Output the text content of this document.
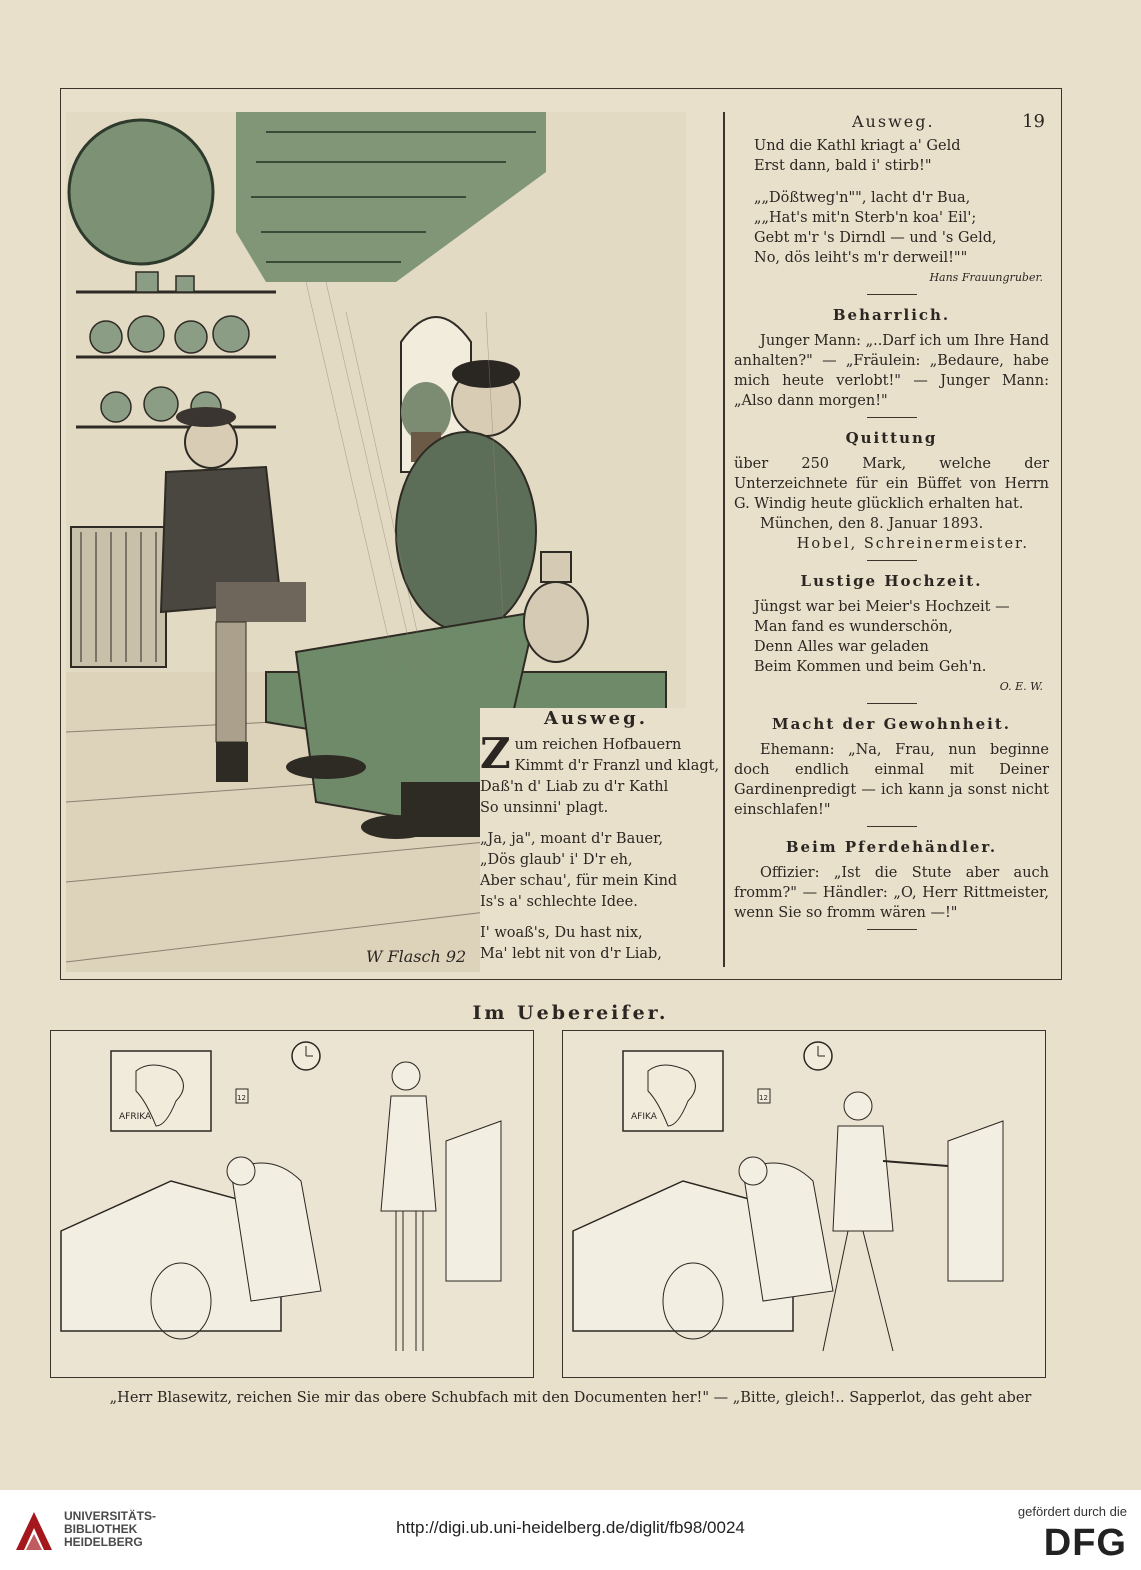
W Flasch 92
Ausweg.
Z um reichen Hofbauern
Kimmt d'r Franzl und klagt,
Daß'n d' Liab zu d'r Kathl
So unsinni' plagt.
„Ja, ja", moant d'r Bauer,
„Dös glaub' i' D'r eh,
Aber schau', für mein Kind
Is's a' schlechte Idee.
I' woaß's, Du hast nix,
Ma' lebt nit von d'r Liab,
Ausweg.	19
Und die Kathl kriagt a' Geld
Erst dann, bald i' stirb!"
„„Dößtweg'n"", lacht d'r Bua,
„„Hat's mit'n Sterb'n koa' Eil';
Gebt m'r 's Dirndl — und 's Geld,
No, dös leiht's m'r derweil!""
Hans Frauungruber.
Beharrlich.
Junger Mann: „..Darf ich um Ihre Hand anhalten?" — „Fräulein: „Bedaure, habe mich heute verlobt!" — Junger Mann: „Also dann morgen!"
Quittung
über 250 Mark, welche der Unterzeichnete für ein Büffet von Herrn G. Windig heute glücklich erhalten hat.
München, den 8. Januar 1893.
Hobel, Schreinermeister.
Lustige Hochzeit.
Jüngst war bei Meier's Hochzeit —
Man fand es wunderschön,
Denn Alles war geladen
Beim Kommen und beim Geh'n.
O. E. W.
Macht der Gewohnheit.
Ehemann: „Na, Frau, nun beginne doch endlich einmal mit Deiner Gardinenpredigt — ich kann ja sonst nicht einschlafen!"
Beim Pferdehändler.
Offizier: „Ist die Stute aber auch fromm?" — Händler: „O, Herr Rittmeister, wenn Sie so fromm wären —!"
Im Uebereifer.
AFRIKA
12
AFIKA
12
„Herr Blasewitz, reichen Sie mir das obere Schubfach mit den Documenten her!" — „Bitte, gleich!.. Sapperlot, das geht aber
UNIVERSITÄTS-
BIBLIOTHEK
HEIDELBERG
http://digi.ub.uni-heidelberg.de/diglit/fb98/0024
gefördert durch die
DFG
